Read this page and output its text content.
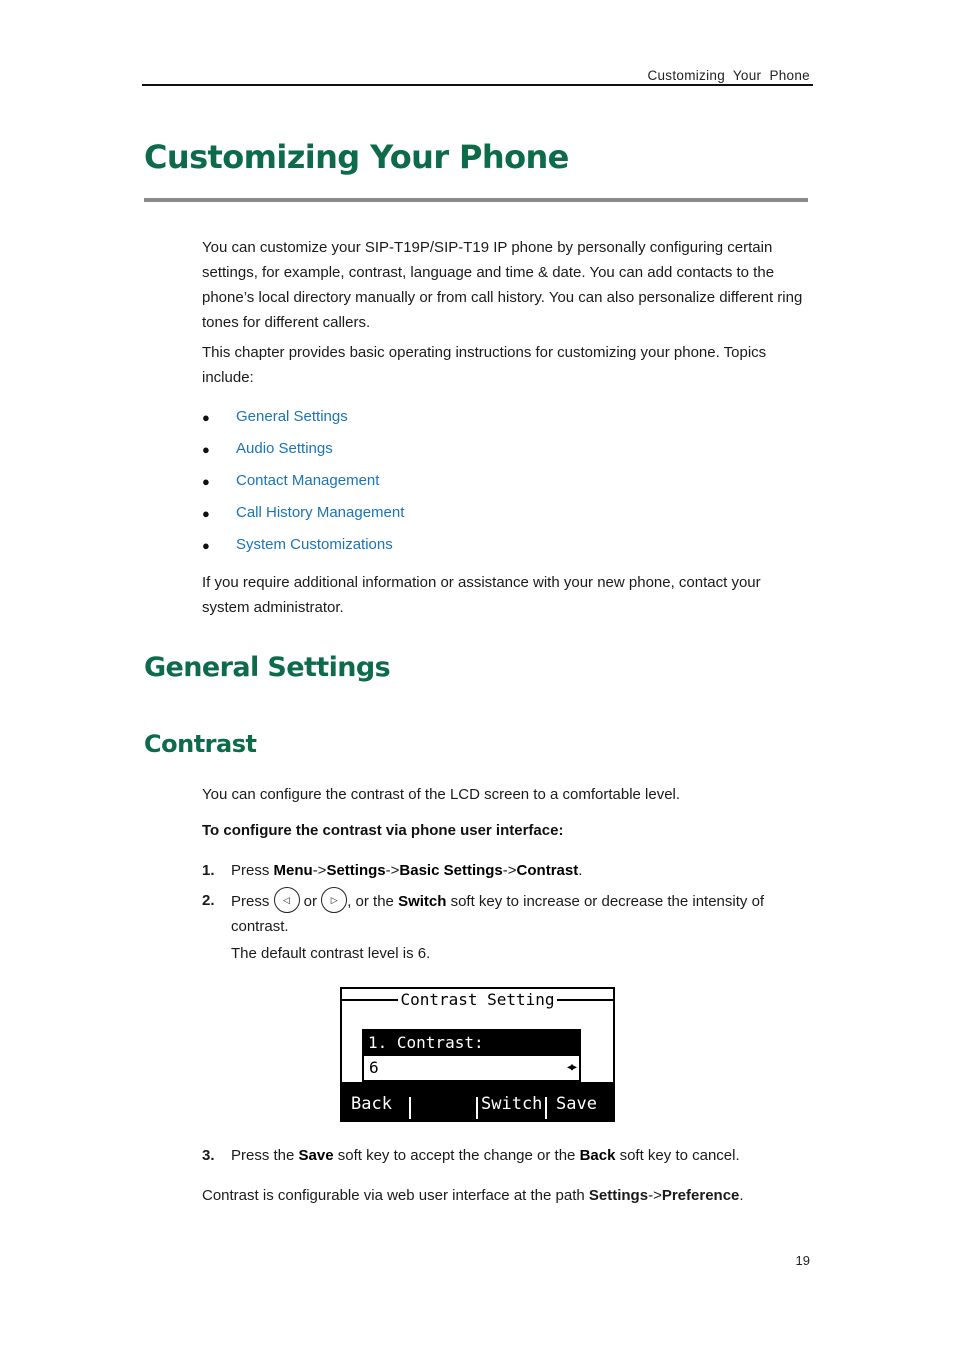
Customizing  Your  Phone
Customizing Your Phone
You can customize your SIP-T19P/SIP-T19 IP phone by personally configuring certain settings, for example, contrast, language and time & date. You can add contacts to the phone’s local directory manually or from call history. You can also personalize different ring tones for different callers.
This chapter provides basic operating instructions for customizing your phone. Topics include:
● General Settings
● Audio Settings
● Contact Management
● Call History Management
● System Customizations
If you require additional information or assistance with your new phone, contact your system administrator.
General Settings
Contrast
You can configure the contrast of the LCD screen to a comfortable level.
To configure the contrast via phone user interface:
1. Press Menu->Settings->Basic Settings->Contrast.
2. Press ◁ or ▷ , or the Switch soft key to increase or decrease the intensity of contrast.
The default contrast level is 6.
Contrast Setting
1. Contrast:
6	◀▶
Back	Switch Save
3. Press the Save soft key to accept the change or the Back soft key to cancel.
Contrast is configurable via web user interface at the path Settings->Preference.
19
